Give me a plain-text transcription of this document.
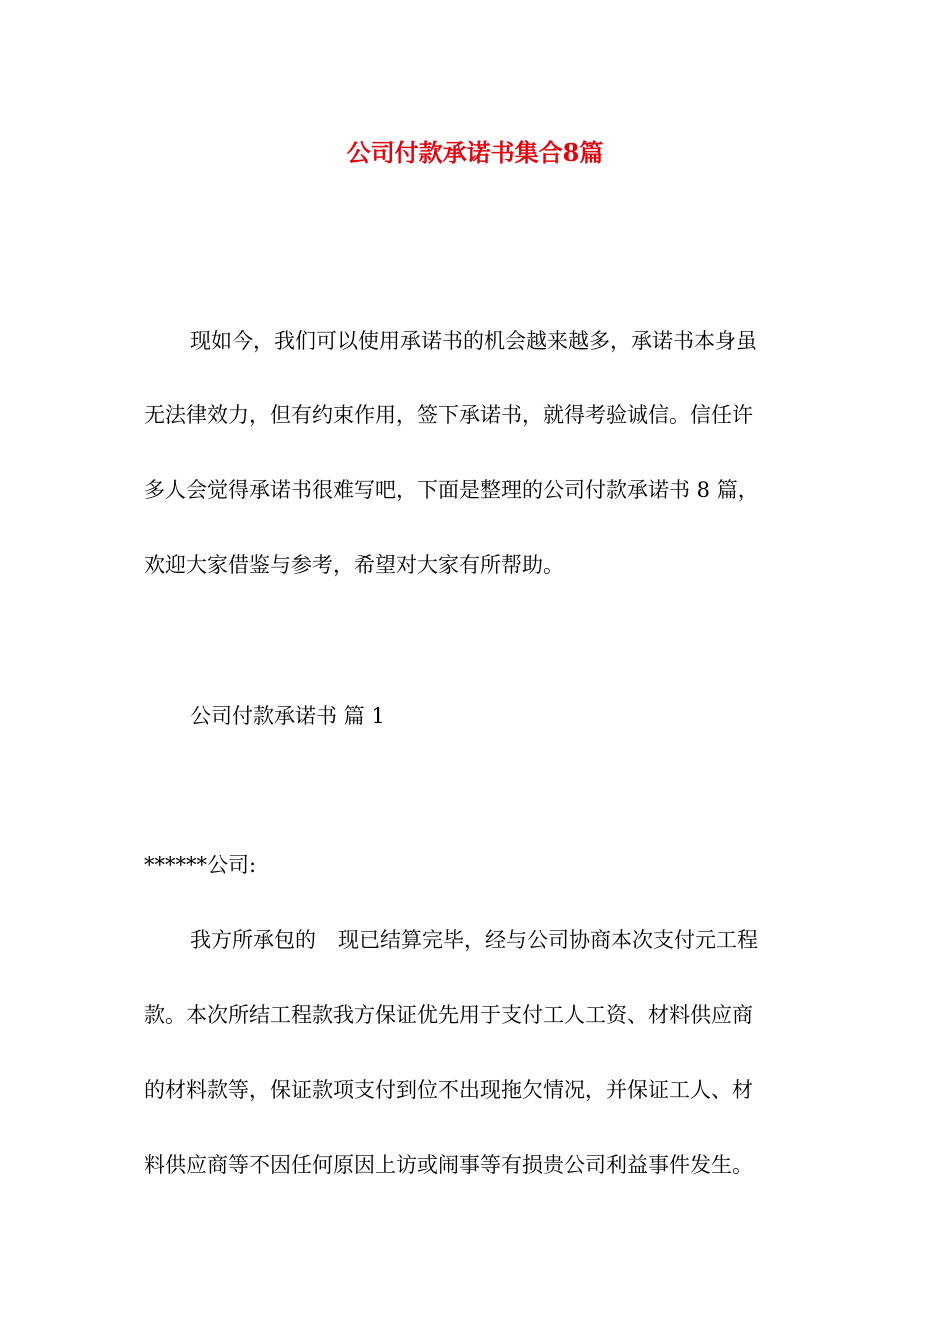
公司付款承诺书集合8篇

现如今，我们可以使用承诺书的机会越来越多，承诺书本身虽

无法律效力，但有约束作用，签下承诺书，就得考验诚信。信任许

多人会觉得承诺书很难写吧，下面是整理的公司付款承诺书 8 篇，

欢迎大家借鉴与参考，希望对大家有所帮助。

公司付款承诺书 篇 1

******公司:

我方所承包的 现已结算完毕，经与公司协商本次支付元工程

款。本次所结工程款我方保证优先用于支付工人工资、材料供应商

的材料款等，保证款项支付到位不出现拖欠情况，并保证工人、材

料供应商等不因任何原因上访或闹事等有损贵公司利益事件发生。
